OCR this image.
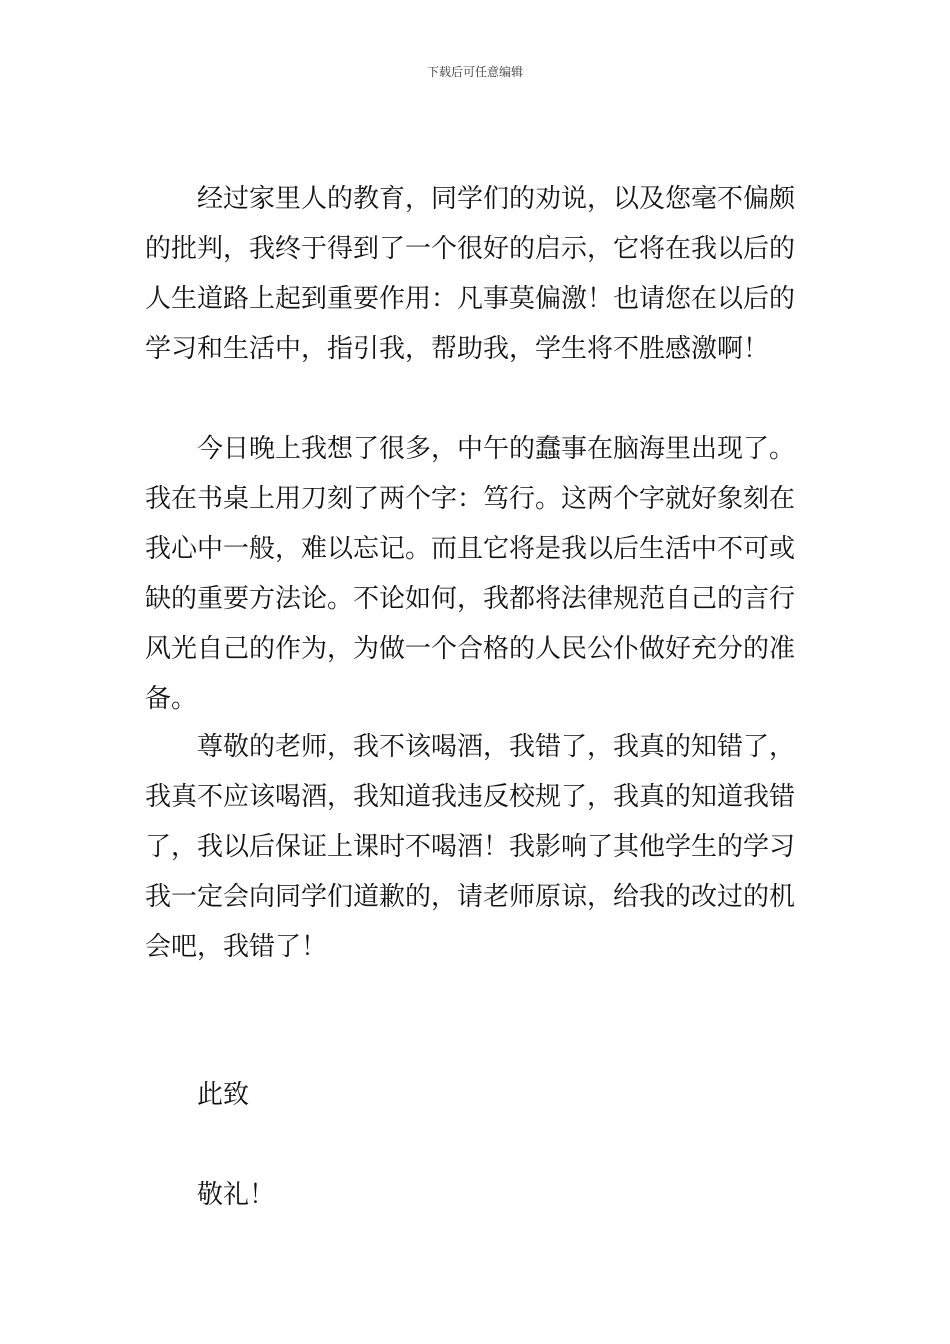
下载后可任意编辑

经过家里人的教育，同学们的劝说，以及您毫不偏颇
的批判，我终于得到了一个很好的启示，它将在我以后的
人生道路上起到重要作用：凡事莫偏激！也请您在以后的
学习和生活中，指引我，帮助我，学生将不胜感激啊！

今日晚上我想了很多，中午的蠢事在脑海里出现了。
我在书桌上用刀刻了两个字：笃行。这两个字就好象刻在
我心中一般，难以忘记。而且它将是我以后生活中不可或
缺的重要方法论。不论如何，我都将法律规范自己的言行
风光自己的作为，为做一个合格的人民公仆做好充分的准
备。

尊敬的老师，我不该喝酒，我错了，我真的知错了，
我真不应该喝酒，我知道我违反校规了，我真的知道我错
了，我以后保证上课时不喝酒！我影响了其他学生的学习
我一定会向同学们道歉的，请老师原谅，给我的改过的机
会吧，我错了！

此致

敬礼！
